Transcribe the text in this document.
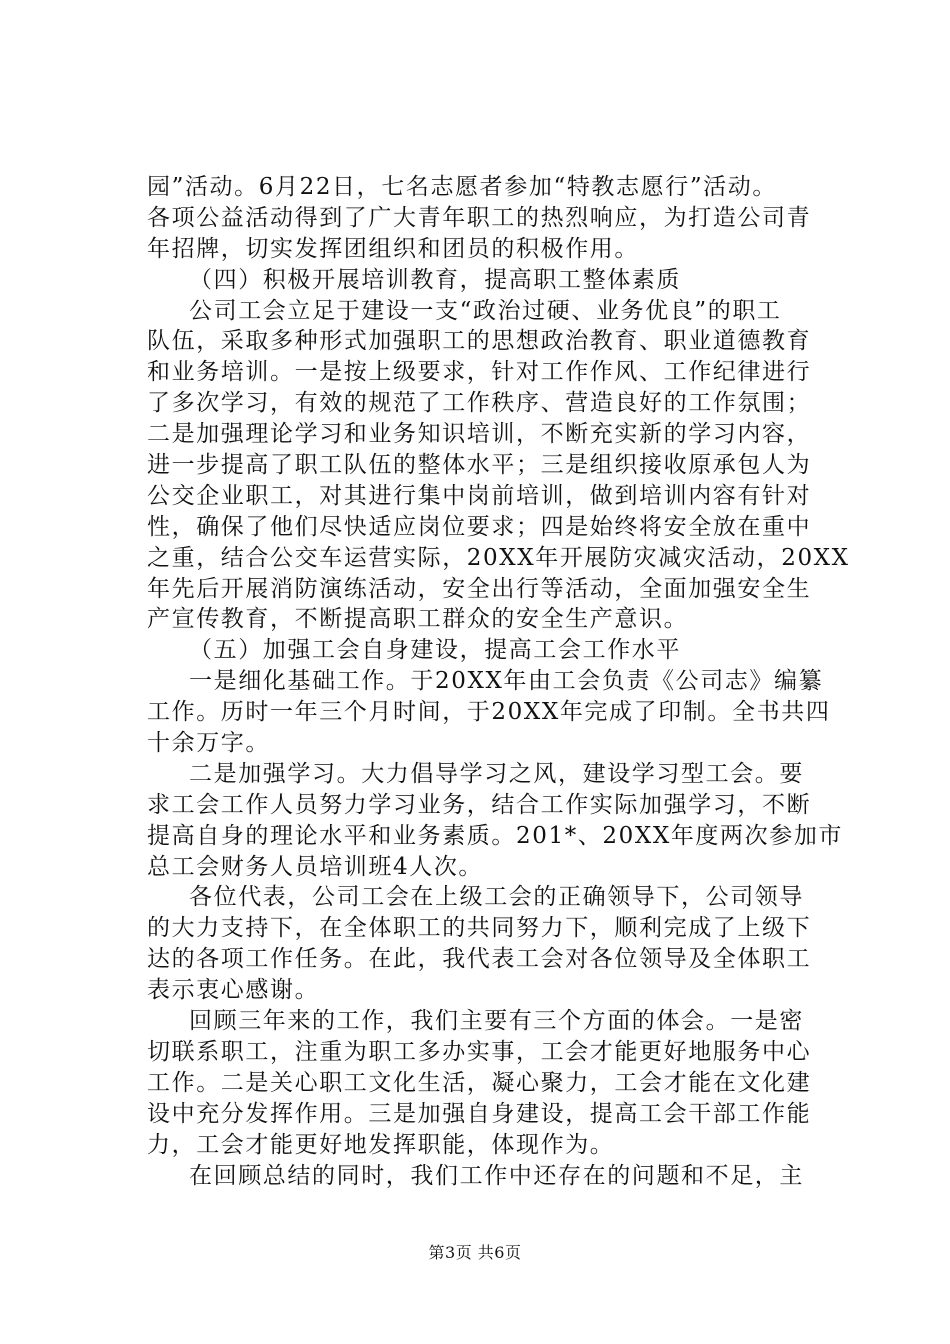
园”活动。6月22日，七名志愿者参加“特教志愿行”活动。
各项公益活动得到了广大青年职工的热烈响应，为打造公司青
年招牌，切实发挥团组织和团员的积极作用。
（四）积极开展培训教育，提高职工整体素质
公司工会立足于建设一支“政治过硬、业务优良”的职工
队伍，采取多种形式加强职工的思想政治教育、职业道德教育
和业务培训。一是按上级要求，针对工作作风、工作纪律进行
了多次学习，有效的规范了工作秩序、营造良好的工作氛围；
二是加强理论学习和业务知识培训，不断充实新的学习内容，
进一步提高了职工队伍的整体水平；三是组织接收原承包人为
公交企业职工，对其进行集中岗前培训，做到培训内容有针对
性，确保了他们尽快适应岗位要求；四是始终将安全放在重中
之重，结合公交车运营实际，20XX年开展防灾减灾活动，20XX
年先后开展消防演练活动，安全出行等活动，全面加强安全生
产宣传教育，不断提高职工群众的安全生产意识。
（五）加强工会自身建设，提高工会工作水平
一是细化基础工作。于20XX年由工会负责《公司志》编纂
工作。历时一年三个月时间，于20XX年完成了印制。全书共四
十余万字。
二是加强学习。大力倡导学习之风，建设学习型工会。要
求工会工作人员努力学习业务，结合工作实际加强学习，不断
提高自身的理论水平和业务素质。201*、20XX年度两次参加市
总工会财务人员培训班4人次。
各位代表，公司工会在上级工会的正确领导下，公司领导
的大力支持下，在全体职工的共同努力下，顺利完成了上级下
达的各项工作任务。在此，我代表工会对各位领导及全体职工
表示衷心感谢。
回顾三年来的工作，我们主要有三个方面的体会。一是密
切联系职工，注重为职工多办实事，工会才能更好地服务中心
工作。二是关心职工文化生活，凝心聚力，工会才能在文化建
设中充分发挥作用。三是加强自身建设，提高工会干部工作能
力，工会才能更好地发挥职能，体现作为。
在回顾总结的同时，我们工作中还存在的问题和不足，主
第3页 共6页
